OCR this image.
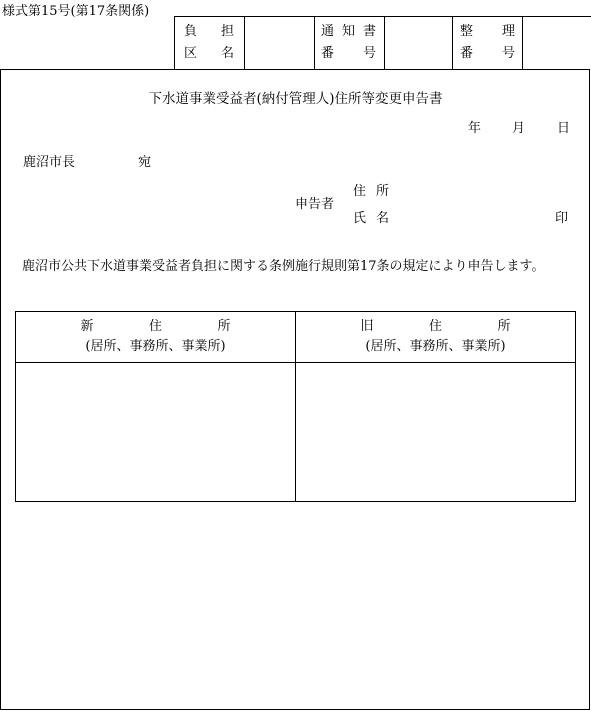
様式第15号(第17条関係)
負　担
区　名
通知書
番　号
整　理
番　号
下水道事業受益者(納付管理人)住所等変更申告書
年 月 日
鹿沼市長	宛
申告者
住所
氏名	印
鹿沼市公共下水道事業受益者負担に関する条例施行規則第17条の規定により申告します。
新住所
(居所、事務所、事業所)
旧住所
(居所、事務所、事業所)
